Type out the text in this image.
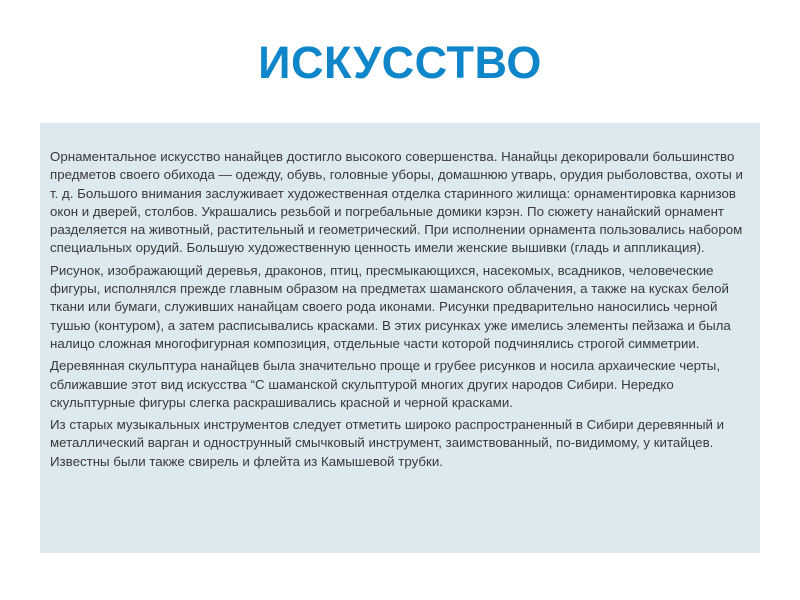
ИСКУССТВО

Орнаментальное искусство нанайцев достигло высокого совершенства. Нанайцы декорировали большинство предметов своего обихода — одежду, обувь, головные уборы, домашнюю утварь, орудия рыболовства, охоты и т. д. Большого внимания заслуживает художественная отделка старинного жилища: орнаментировка карнизов окон и дверей, столбов. Украшались резьбой и погребальные домики кэрэн. По сюжету нанайский орнамент разделяется на животный, растительный и геометрический. При исполнении орнамента пользовались набором специальных орудий. Большую художественную ценность имели женские вышивки (гладь и аппликация).

Рисунок, изображающий деревья, драконов, птиц, пресмыкающихся, насекомых, всадников, человеческие фигуры, исполнялся прежде главным образом на предметах шаманского облачения, а также на кусках белой ткани или бумаги, служивших нанайцам своего рода иконами. Рисунки предварительно наносились черной тушью (контуром), а затем расписывались красками. В этих рисунках уже имелись элементы пейзажа и была налицо сложная многофигурная композиция, отдельные части которой подчинялись строгой симметрии.

Деревянная скульптура нанайцев была значительно проще и грубее рисунков и носила архаические черты, сближавшие этот вид искусства “С шаманской скульптурой многих других народов Сибири. Нередко скульптурные фигуры слегка раскрашивались красной и черной красками.

Из старых музыкальных инструментов следует отметить широко распространенный в Сибири деревянный и металлический варган и однострунный смычковый инструмент, заимствованный, по-видимому, у китайцев. Известны были также свирель и флейта из Камышевой трубки.
